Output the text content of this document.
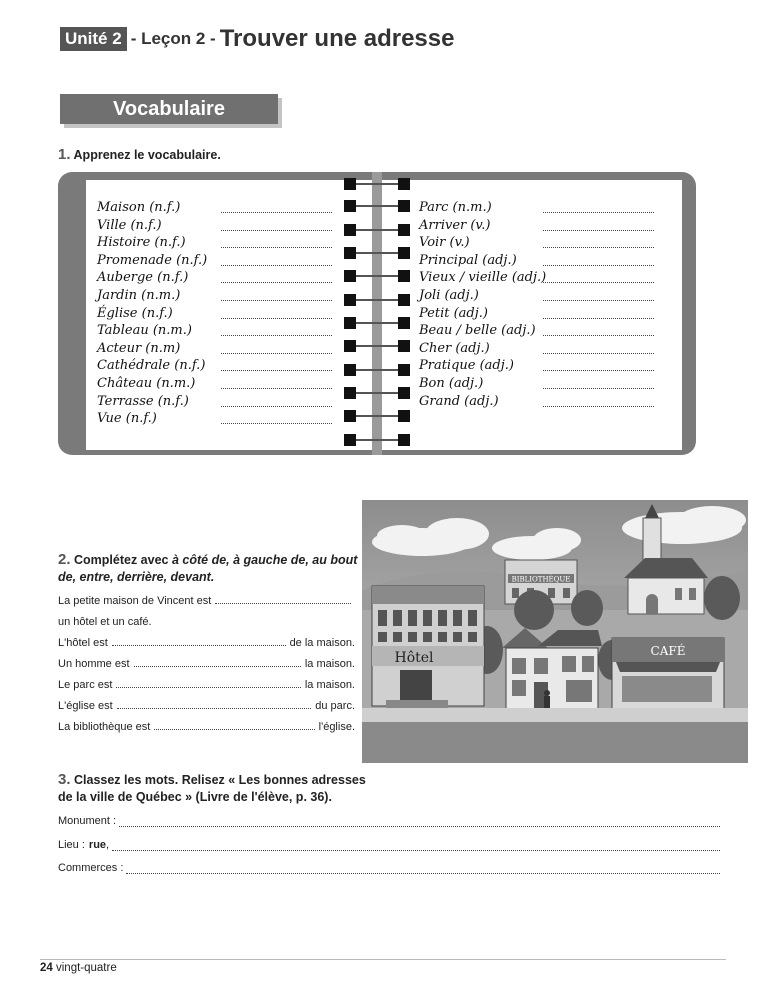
Unité 2 - Leçon 2 - Trouver une adresse
Vocabulaire
1. Apprenez le vocabulaire.
Maison (n.f.)
Ville (n.f.)
Histoire (n.f.)
Promenade (n.f.)
Auberge (n.f.)
Jardin (n.m.)
Église (n.f.)
Tableau (n.m.)
Acteur (n.m)
Cathédrale (n.f.)
Château (n.m.)
Terrasse (n.f.)
Vue (n.f.)
Parc (n.m.)
Arriver (v.)
Voir (v.)
Principal (adj.)
Vieux / vieille (adj.)
Joli (adj.)
Petit (adj.)
Beau / belle (adj.)
Cher (adj.)
Pratique (adj.)
Bon (adj.)
Grand (adj.)
2. Complétez avec à côté de, à gauche de, au bout
de, entre, derrière, devant.
La petite maison de Vincent est
un hôtel et un café.
L'hôtel est	de la maison.
Un homme est	la maison.
Le parc est	la maison.
L'église est	du parc.
La bibliothèque est	l'église.
BIBLIOTHÈQUE
Hôtel	CAFÉ
3. Classez les mots. Relisez « Les bonnes adresses
de la ville de Québec » (Livre de l'élève, p. 36).
Monument :
Lieu : rue ,
Commerces :
24 vingt-quatre
